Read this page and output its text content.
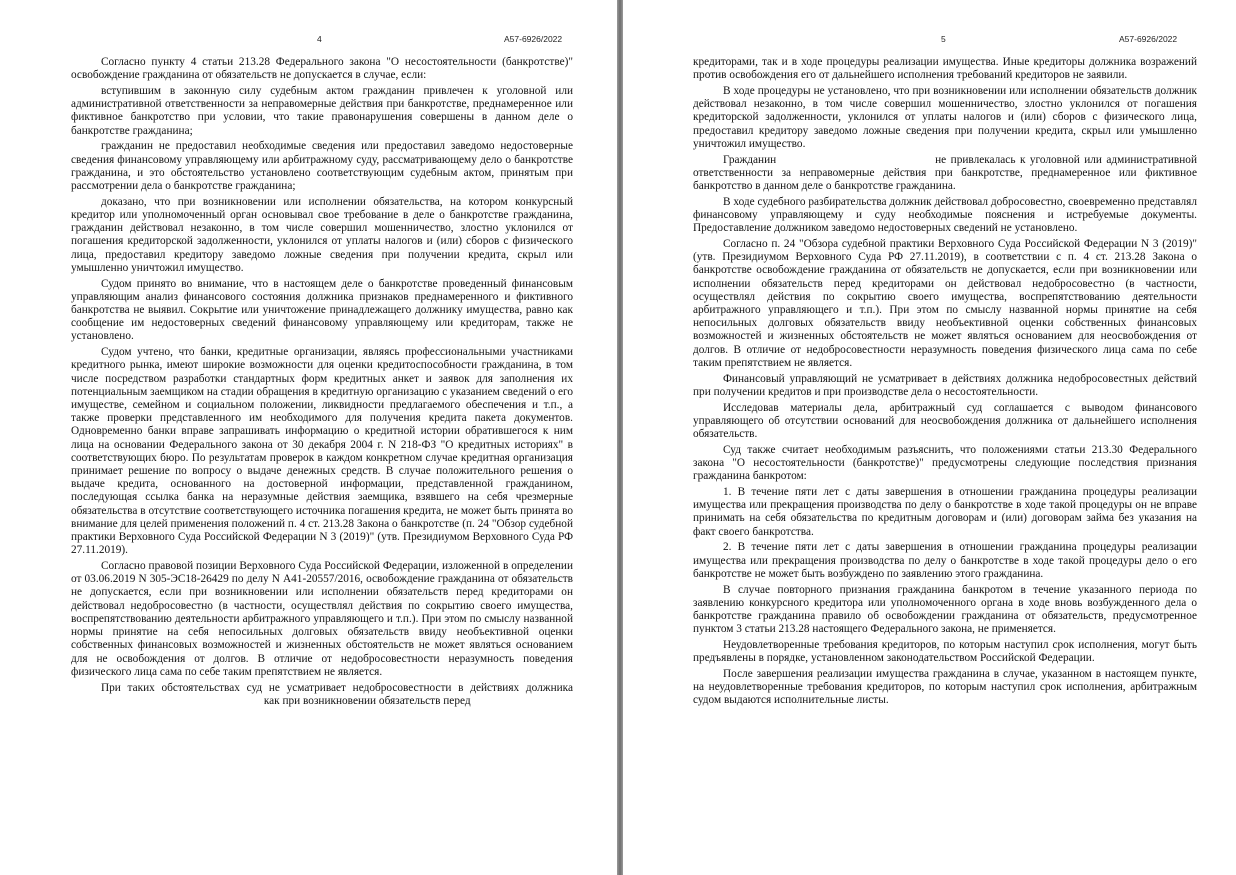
4	А57-6926/2022

Согласно пункту 4 статьи 213.28 Федерального закона "О несостоятельности (банкротстве)" освобождение гражданина от обязательств не допускается в случае, если:

вступившим в законную силу судебным актом гражданин привлечен к уголовной или административной ответственности за неправомерные действия при банкротстве, преднамеренное или фиктивное банкротство при условии, что такие правонарушения совершены в данном деле о банкротстве гражданина;

гражданин не предоставил необходимые сведения или предоставил заведомо недостоверные сведения финансовому управляющему или арбитражному суду, рассматривающему дело о банкротстве гражданина, и это обстоятельство установлено соответствующим судебным актом, принятым при рассмотрении дела о банкротстве гражданина;

доказано, что при возникновении или исполнении обязательства, на котором конкурсный кредитор или уполномоченный орган основывал свое требование в деле о банкротстве гражданина, гражданин действовал незаконно, в том числе совершил мошенничество, злостно уклонился от погашения кредиторской задолженности, уклонился от уплаты налогов и (или) сборов с физического лица, предоставил кредитору заведомо ложные сведения при получении кредита, скрыл или умышленно уничтожил имущество.

Судом принято во внимание, что в настоящем деле о банкротстве проведенный финансовым управляющим анализ финансового состояния должника признаков преднамеренного и фиктивного банкротства не выявил. Сокрытие или уничтожение принадлежащего должнику имущества, равно как сообщение им недостоверных сведений финансовому управляющему или кредиторам, также не установлено.

Судом учтено, что банки, кредитные организации, являясь профессиональными участниками кредитного рынка, имеют широкие возможности для оценки кредитоспособности гражданина, в том числе посредством разработки стандартных форм кредитных анкет и заявок для заполнения их потенциальным заемщиком на стадии обращения в кредитную организацию с указанием сведений о его имуществе, семейном и социальном положении, ликвидности предлагаемого обеспечения и т.п., а также проверки представленного им необходимого для получения кредита пакета документов. Одновременно банки вправе запрашивать информацию о кредитной истории обратившегося к ним лица на основании Федерального закона от 30 декабря 2004 г. N 218-ФЗ "О кредитных историях" в соответствующих бюро. По результатам проверок в каждом конкретном случае кредитная организация принимает решение по вопросу о выдаче денежных средств. В случае положительного решения о выдаче кредита, основанного на достоверной информации, представленной гражданином, последующая ссылка банка на неразумные действия заемщика, взявшего на себя чрезмерные обязательства в отсутствие соответствующего источника погашения кредита, не может быть принята во внимание для целей применения положений п. 4 ст. 213.28 Закона о банкротстве (п. 24 "Обзор судебной практики Верховного Суда Российской Федерации N 3 (2019)" (утв. Президиумом Верховного Суда РФ 27.11.2019).

Согласно правовой позиции Верховного Суда Российской Федерации, изложенной в определении от 03.06.2019 N 305-ЭС18-26429 по делу N А41-20557/2016, освобождение гражданина от обязательств не допускается, если при возникновении или исполнении обязательств перед кредиторами он действовал недобросовестно (в частности, осуществлял действия по сокрытию своего имущества, воспрепятствованию деятельности арбитражного управляющего и т.п.). При этом по смыслу названной нормы принятие на себя непосильных долговых обязательств ввиду необъективной оценки собственных финансовых возможностей и жизненных обстоятельств не может являться основанием для не освобождения от долгов. В отличие от недобросовестности неразумность поведения физического лица сама по себе таким препятствием не является.

При таких обстоятельствах суд не усматривает недобросовестности в действиях должника  как при возникновении обязательств перед

5	А57-6926/2022

кредиторами, так и в ходе процедуры реализации имущества. Иные кредиторы должника возражений против освобождения его от дальнейшего исполнения требований кредиторов не заявили.

В ходе процедуры не установлено, что при возникновении или исполнении обязательств должник действовал незаконно, в том числе совершил мошенничество, злостно уклонился от погашения кредиторской задолженности, уклонился от уплаты налогов и (или) сборов с физического лица, предоставил кредитору заведомо ложные сведения при получении кредита, скрыл или умышленно уничтожил имущество.

Гражданин	не привлекалась к уголовной или административной ответственности за неправомерные действия при банкротстве, преднамеренное или фиктивное банкротство в данном деле о банкротстве гражданина.

В ходе судебного разбирательства должник действовал добросовестно, своевременно представлял финансовому управляющему и суду необходимые пояснения и истребуемые документы. Предоставление должником заведомо недостоверных сведений не установлено.

Согласно п. 24 "Обзора судебной практики Верховного Суда Российской Федерации N 3 (2019)" (утв. Президиумом Верховного Суда РФ 27.11.2019), в соответствии с п. 4 ст. 213.28 Закона о банкротстве освобождение гражданина от обязательств не допускается, если при возникновении или исполнении обязательств перед кредиторами он действовал недобросовестно (в частности, осуществлял действия по сокрытию своего имущества, воспрепятствованию деятельности арбитражного управляющего и т.п.). При этом по смыслу названной нормы принятие на себя непосильных долговых обязательств ввиду необъективной оценки собственных финансовых возможностей и жизненных обстоятельств не может являться основанием для неосвобождения от долгов. В отличие от недобросовестности неразумность поведения физического лица сама по себе таким препятствием не является.

Финансовый управляющий не усматривает в действиях должника недобросовестных действий при получении кредитов и при производстве дела о несостоятельности.

Исследовав материалы дела, арбитражный суд соглашается с выводом финансового управляющего об отсутствии оснований для неосвобождения должника от дальнейшего исполнения обязательств.

Суд также считает необходимым разъяснить, что положениями статьи 213.30 Федерального закона "О несостоятельности (банкротстве)" предусмотрены следующие последствия признания гражданина банкротом:

1. В течение пяти лет с даты завершения в отношении гражданина процедуры реализации имущества или прекращения производства по делу о банкротстве в ходе такой процедуры он не вправе принимать на себя обязательства по кредитным договорам и (или) договорам займа без указания на факт своего банкротства.

2. В течение пяти лет с даты завершения в отношении гражданина процедуры реализации имущества или прекращения производства по делу о банкротстве в ходе такой процедуры дело о его банкротстве не может быть возбуждено по заявлению этого гражданина.

В случае повторного признания гражданина банкротом в течение указанного периода по заявлению конкурсного кредитора или уполномоченного органа в ходе вновь возбужденного дела о банкротстве гражданина правило об освобождении гражданина от обязательств, предусмотренное пунктом 3 статьи 213.28 настоящего Федерального закона, не применяется.

Неудовлетворенные требования кредиторов, по которым наступил срок исполнения, могут быть предъявлены в порядке, установленном законодательством Российской Федерации.

После завершения реализации имущества гражданина в случае, указанном в настоящем пункте, на неудовлетворенные требования кредиторов, по которым наступил срок исполнения, арбитражным судом выдаются исполнительные листы.
